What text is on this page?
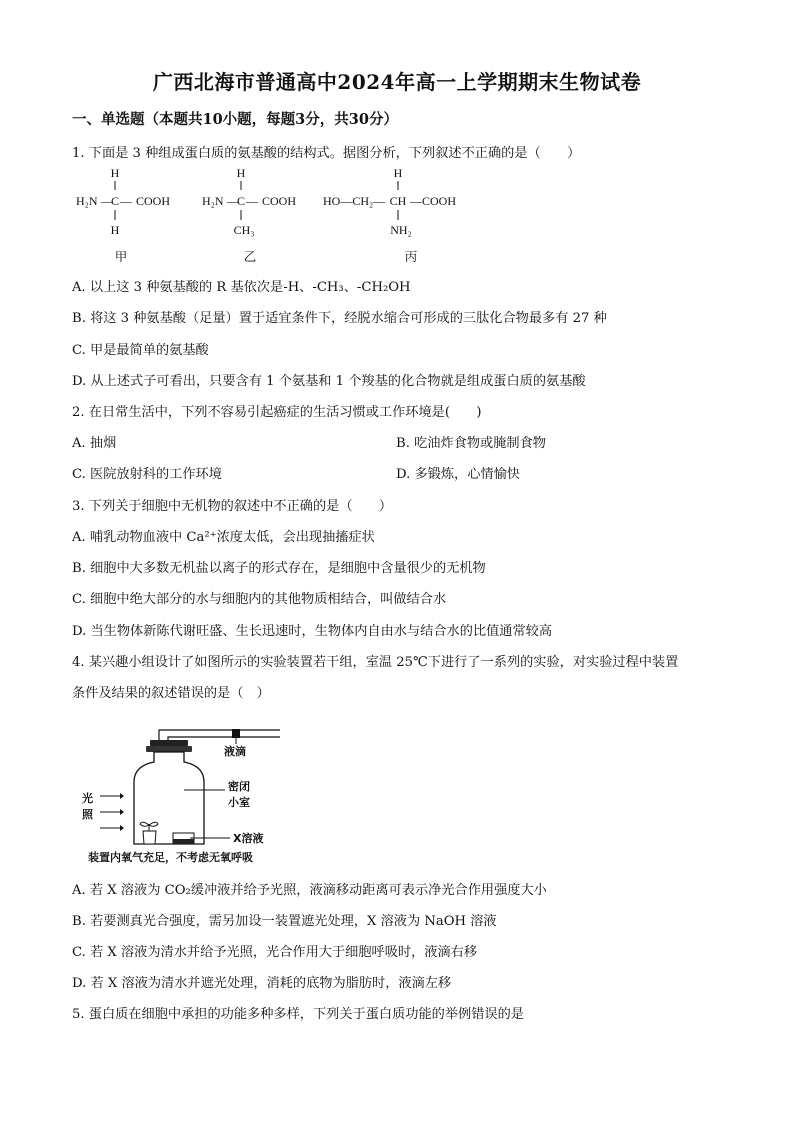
广西北海市普通高中2024年高一上学期期末生物试卷
一、单选题（本题共10小题，每题3分，共30分）
1. 下面是 3 种组成蛋白质的氨基酸的结构式。据图分析，下列叙述不正确的是（　　）
H
H₂N —
C — COOH
H
甲
H
H₂N —
C — COOH
CH₃
乙
H
HO—CH₂— CH —COOH
NH₂
丙
A. 以上这 3 种氨基酸的 R 基依次是-H、-CH₃、-CH₂OH
B. 将这 3 种氨基酸（足量）置于适宜条件下，经脱水缩合可形成的三肽化合物最多有 27 种
C. 甲是最简单的氨基酸
D. 从上述式子可看出，只要含有 1 个氨基和 1 个羧基的化合物就是组成蛋白质的氨基酸
2. 在日常生活中，下列不容易引起癌症的生活习惯或工作环境是(　　)
A. 抽烟	B. 吃油炸食物或腌制食物
C. 医院放射科的工作环境	D. 多锻炼，心情愉快
3. 下列关于细胞中无机物的叙述中不正确的是（　　）
A. 哺乳动物血液中 Ca²⁺浓度太低，会出现抽搐症状
B. 细胞中大多数无机盐以离子的形式存在，是细胞中含量很少的无机物
C. 细胞中绝大部分的水与细胞内的其他物质相结合，叫做结合水
D. 当生物体新陈代谢旺盛、生长迅速时，生物体内自由水与结合水的比值通常较高
4. 某兴趣小组设计了如图所示的实验装置若干组，室温 25℃下进行了一系列的实验，对实验过程中装置
条件及结果的叙述错误的是（　）
液滴
密闭
小室
X溶液
光
照
装置内氧气充足，不考虑无氧呼吸
A. 若 X 溶液为 CO₂缓冲液并给予光照，液滴移动距离可表示净光合作用强度大小
B. 若要测真光合强度，需另加设一装置遮光处理，X 溶液为 NaOH 溶液
C. 若 X 溶液为清水并给予光照，光合作用大于细胞呼吸时，液滴右移
D. 若 X 溶液为清水并遮光处理，消耗的底物为脂肪时，液滴左移
5. 蛋白质在细胞中承担的功能多种多样，下列关于蛋白质功能的举例错误的是
